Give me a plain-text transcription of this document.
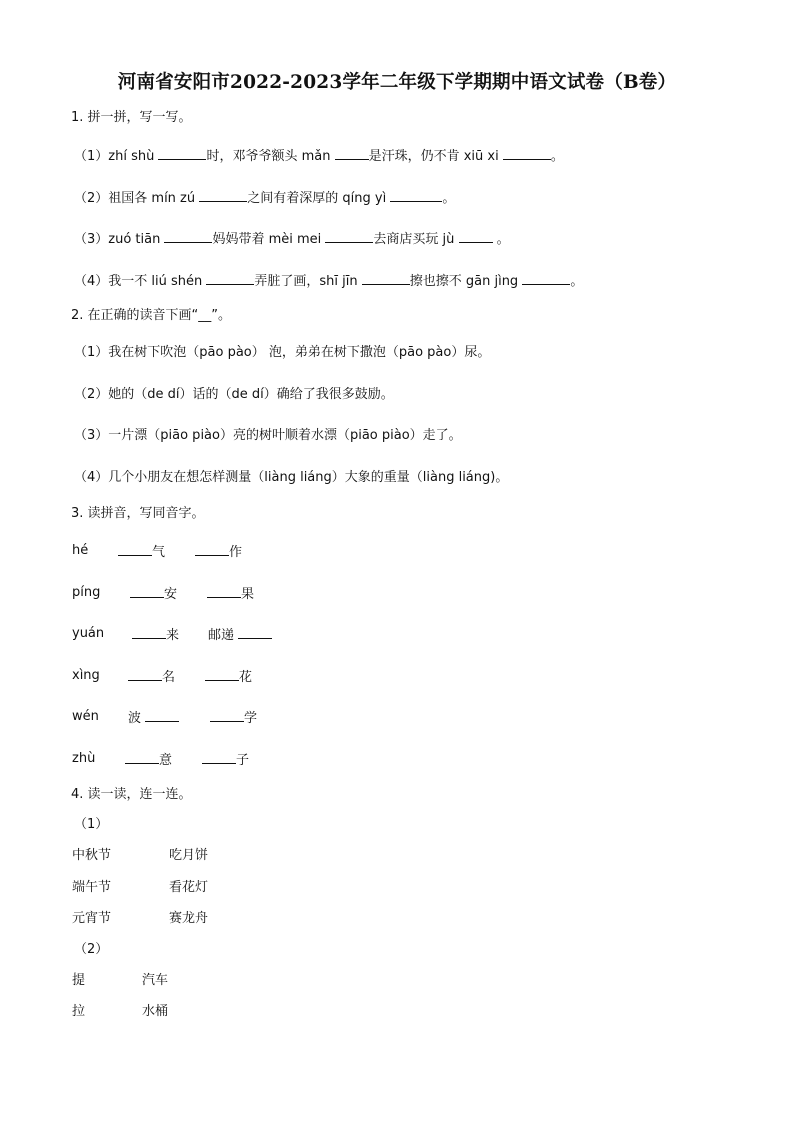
河南省安阳市2022-2023学年二年级下学期期中语文试卷（B卷）
1. 拼一拼，写一写。
（1）zhí shù	时，邓爷爷额头 mǎn	是汗珠，仍不肯 xiū xi	。
（2）祖国各 mín zú	之间有着深厚的 qíng yì	。
（3）zuó tiān	妈妈带着 mèi mei	去商店买玩 jù	。
（4）我一不 liú shén	弄脏了画，shī jīn	擦也擦不 gān jìng	。
2. 在正确的读音下画“__”。
（1）我在树下吹泡（pāo pào） 泡，弟弟在树下撒泡（pāo pào）尿。
（2）她的（de dí）话的（de dí）确给了我很多鼓励。
（3）一片漂（piāo piào）亮的树叶顺着水漂（piāo piào）走了。
（4）几个小朋友在想怎样测量（liàng liáng）大象的重量（liàng liáng)。
3. 读拼音，写同音字。
hé	气	作
píng	安	果
yuán	来 邮递
xìng	名	花
wén 波	学
zhù	意	子
4. 读一读，连一连。
（1）
中秋节	吃月饼
端午节	看花灯
元宵节	赛龙舟
（2）
提	汽车
拉	水桶
